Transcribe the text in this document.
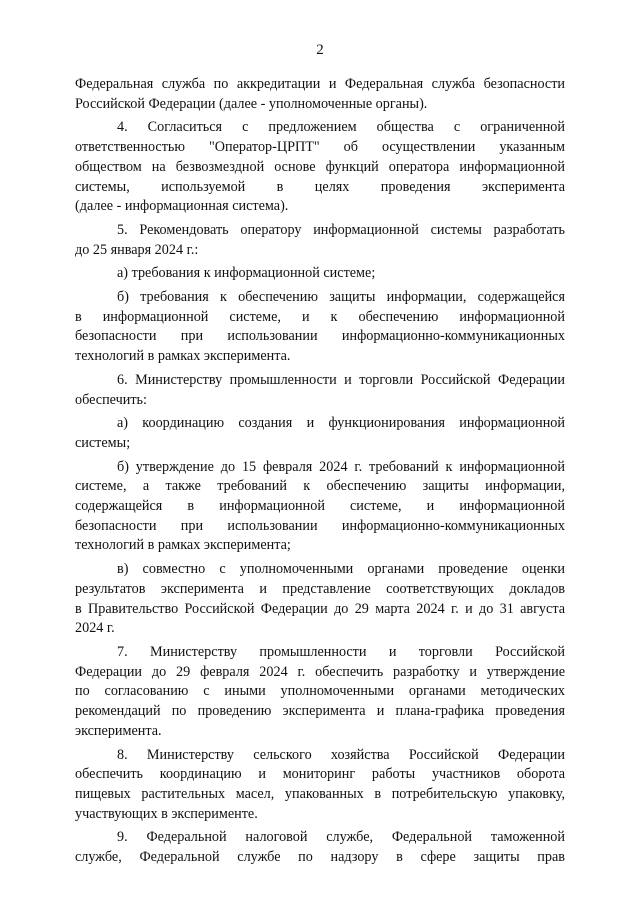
2
Федеральная служба по аккредитации и Федеральная служба безопасности
Российской Федерации (далее - уполномоченные органы).
4. Согласиться с предложением общества с ограниченной
ответственностью "Оператор-ЦРПТ" об осуществлении указанным
обществом на безвозмездной основе функций оператора информационной
системы, используемой в целях проведения эксперимента
(далее - информационная система).
5. Рекомендовать оператору информационной системы разработать
до 25 января 2024 г.:
а) требования к информационной системе;
б) требования к обеспечению защиты информации, содержащейся
в информационной системе, и к обеспечению информационной
безопасности при использовании информационно-коммуникационных
технологий в рамках эксперимента.
6. Министерству промышленности и торговли Российской Федерации
обеспечить:
а) координацию создания и функционирования информационной
системы;
б) утверждение до 15 февраля 2024 г. требований к информационной
системе, а также требований к обеспечению защиты информации,
содержащейся в информационной системе, и информационной
безопасности при использовании информационно-коммуникационных
технологий в рамках эксперимента;
в) совместно с уполномоченными органами проведение оценки
результатов эксперимента и представление соответствующих докладов
в Правительство Российской Федерации до 29 марта 2024 г. и до 31 августа
2024 г.
7. Министерству промышленности и торговли Российской
Федерации до 29 февраля 2024 г. обеспечить разработку и утверждение
по согласованию с иными уполномоченными органами методических
рекомендаций по проведению эксперимента и плана-графика проведения
эксперимента.
8. Министерству сельского хозяйства Российской Федерации
обеспечить координацию и мониторинг работы участников оборота
пищевых растительных масел, упакованных в потребительскую упаковку,
участвующих в эксперименте.
9. Федеральной налоговой службе, Федеральной таможенной
службе, Федеральной службе по надзору в сфере защиты прав
